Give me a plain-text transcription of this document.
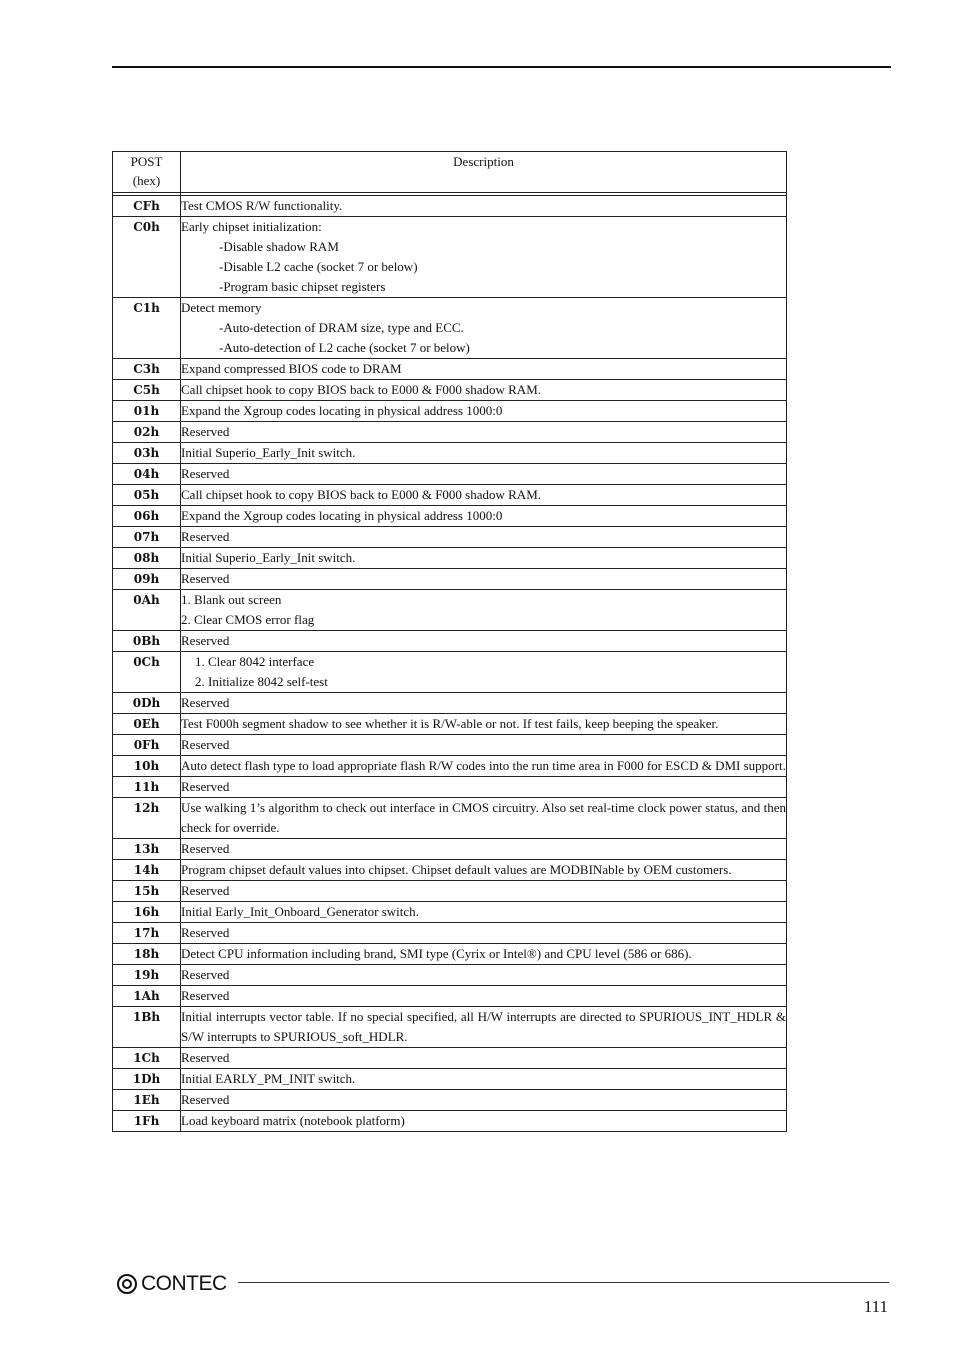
POST
(hex)	Description

CFh	Test CMOS R/W functionality.

C0h	Early chipset initialization:
-Disable shadow RAM
-Disable L2 cache (socket 7 or below)
-Program basic chipset registers

C1h	Detect memory
-Auto-detection of DRAM size, type and ECC.
-Auto-detection of L2 cache (socket 7 or below)

C3h	Expand compressed BIOS code to DRAM

C5h	Call chipset hook to copy BIOS back to E000 & F000 shadow RAM.

01h	Expand the Xgroup codes locating in physical address 1000:0

02h	Reserved

03h	Initial Superio_Early_Init switch.

04h	Reserved

05h	Call chipset hook to copy BIOS back to E000 & F000 shadow RAM.

06h	Expand the Xgroup codes locating in physical address 1000:0

07h	Reserved

08h	Initial Superio_Early_Init switch.

09h	Reserved

0Ah	1. Blank out screen
2. Clear CMOS error flag

0Bh	Reserved

0Ch	1. Clear 8042 interface
2. Initialize 8042 self-test

0Dh	Reserved

0Eh	Test F000h segment shadow to see whether it is R/W-able or not. If test fails, keep beeping the speaker.

0Fh	Reserved

10h	Auto detect flash type to load appropriate flash R/W codes into the run time area in F000 for ESCD & DMI support.

11h	Reserved

12h	Use walking 1’s algorithm to check out interface in CMOS circuitry. Also set real-time clock power status, and then check for override.

13h	Reserved

14h	Program chipset default values into chipset. Chipset default values are MODBINable by OEM customers.

15h	Reserved

16h	Initial Early_Init_Onboard_Generator switch.

17h	Reserved

18h	Detect CPU information including brand, SMI type (Cyrix or Intel®) and CPU level (586 or 686).

19h	Reserved

1Ah	Reserved

1Bh	Initial interrupts vector table. If no special specified, all H/W interrupts are directed to SPURIOUS_INT_HDLR & S/W interrupts to SPURIOUS_soft_HDLR.

1Ch	Reserved

1Dh	Initial EARLY_PM_INIT switch.

1Eh	Reserved

1Fh	Load keyboard matrix (notebook platform)
CONTEC
111
